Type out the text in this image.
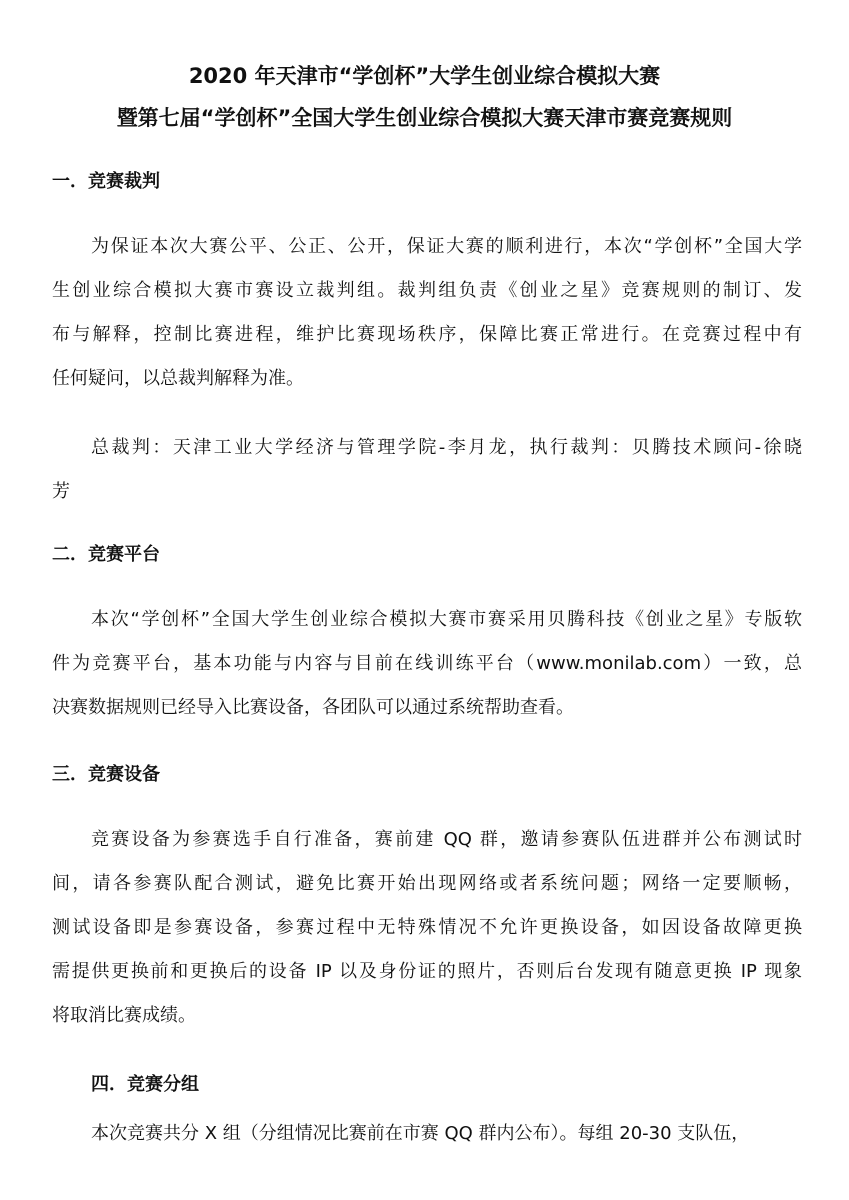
2020 年天津市“学创杯”大学生创业综合模拟大赛
暨第七届“学创杯”全国大学生创业综合模拟大赛天津市赛竞赛规则
一．竞赛裁判
为保证本次大赛公平、公正、公开，保证大赛的顺利进行，本次“学创杯”全国大学
生创业综合模拟大赛市赛设立裁判组。裁判组负责《创业之星》竞赛规则的制订、发
布与解释，控制比赛进程，维护比赛现场秩序，保障比赛正常进行。在竞赛过程中有
任何疑问，以总裁判解释为准。
总裁判：天津工业大学经济与管理学院-李月龙，执行裁判：贝腾技术顾问-徐晓
芳
二．竞赛平台
本次“学创杯”全国大学生创业综合模拟大赛市赛采用贝腾科技《创业之星》专版软
件为竞赛平台，基本功能与内容与目前在线训练平台（www.monilab.com）一致，总
决赛数据规则已经导入比赛设备，各团队可以通过系统帮助查看。
三．竞赛设备
竞赛设备为参赛选手自行准备，赛前建 QQ 群，邀请参赛队伍进群并公布测试时
间，请各参赛队配合测试，避免比赛开始出现网络或者系统问题；网络一定要顺畅，
测试设备即是参赛设备，参赛过程中无特殊情况不允许更换设备，如因设备故障更换
需提供更换前和更换后的设备 IP 以及身份证的照片，否则后台发现有随意更换 IP 现象
将取消比赛成绩。
四．竞赛分组
本次竞赛共分 X 组（分组情况比赛前在市赛 QQ 群内公布）。每组 20-30 支队伍，
